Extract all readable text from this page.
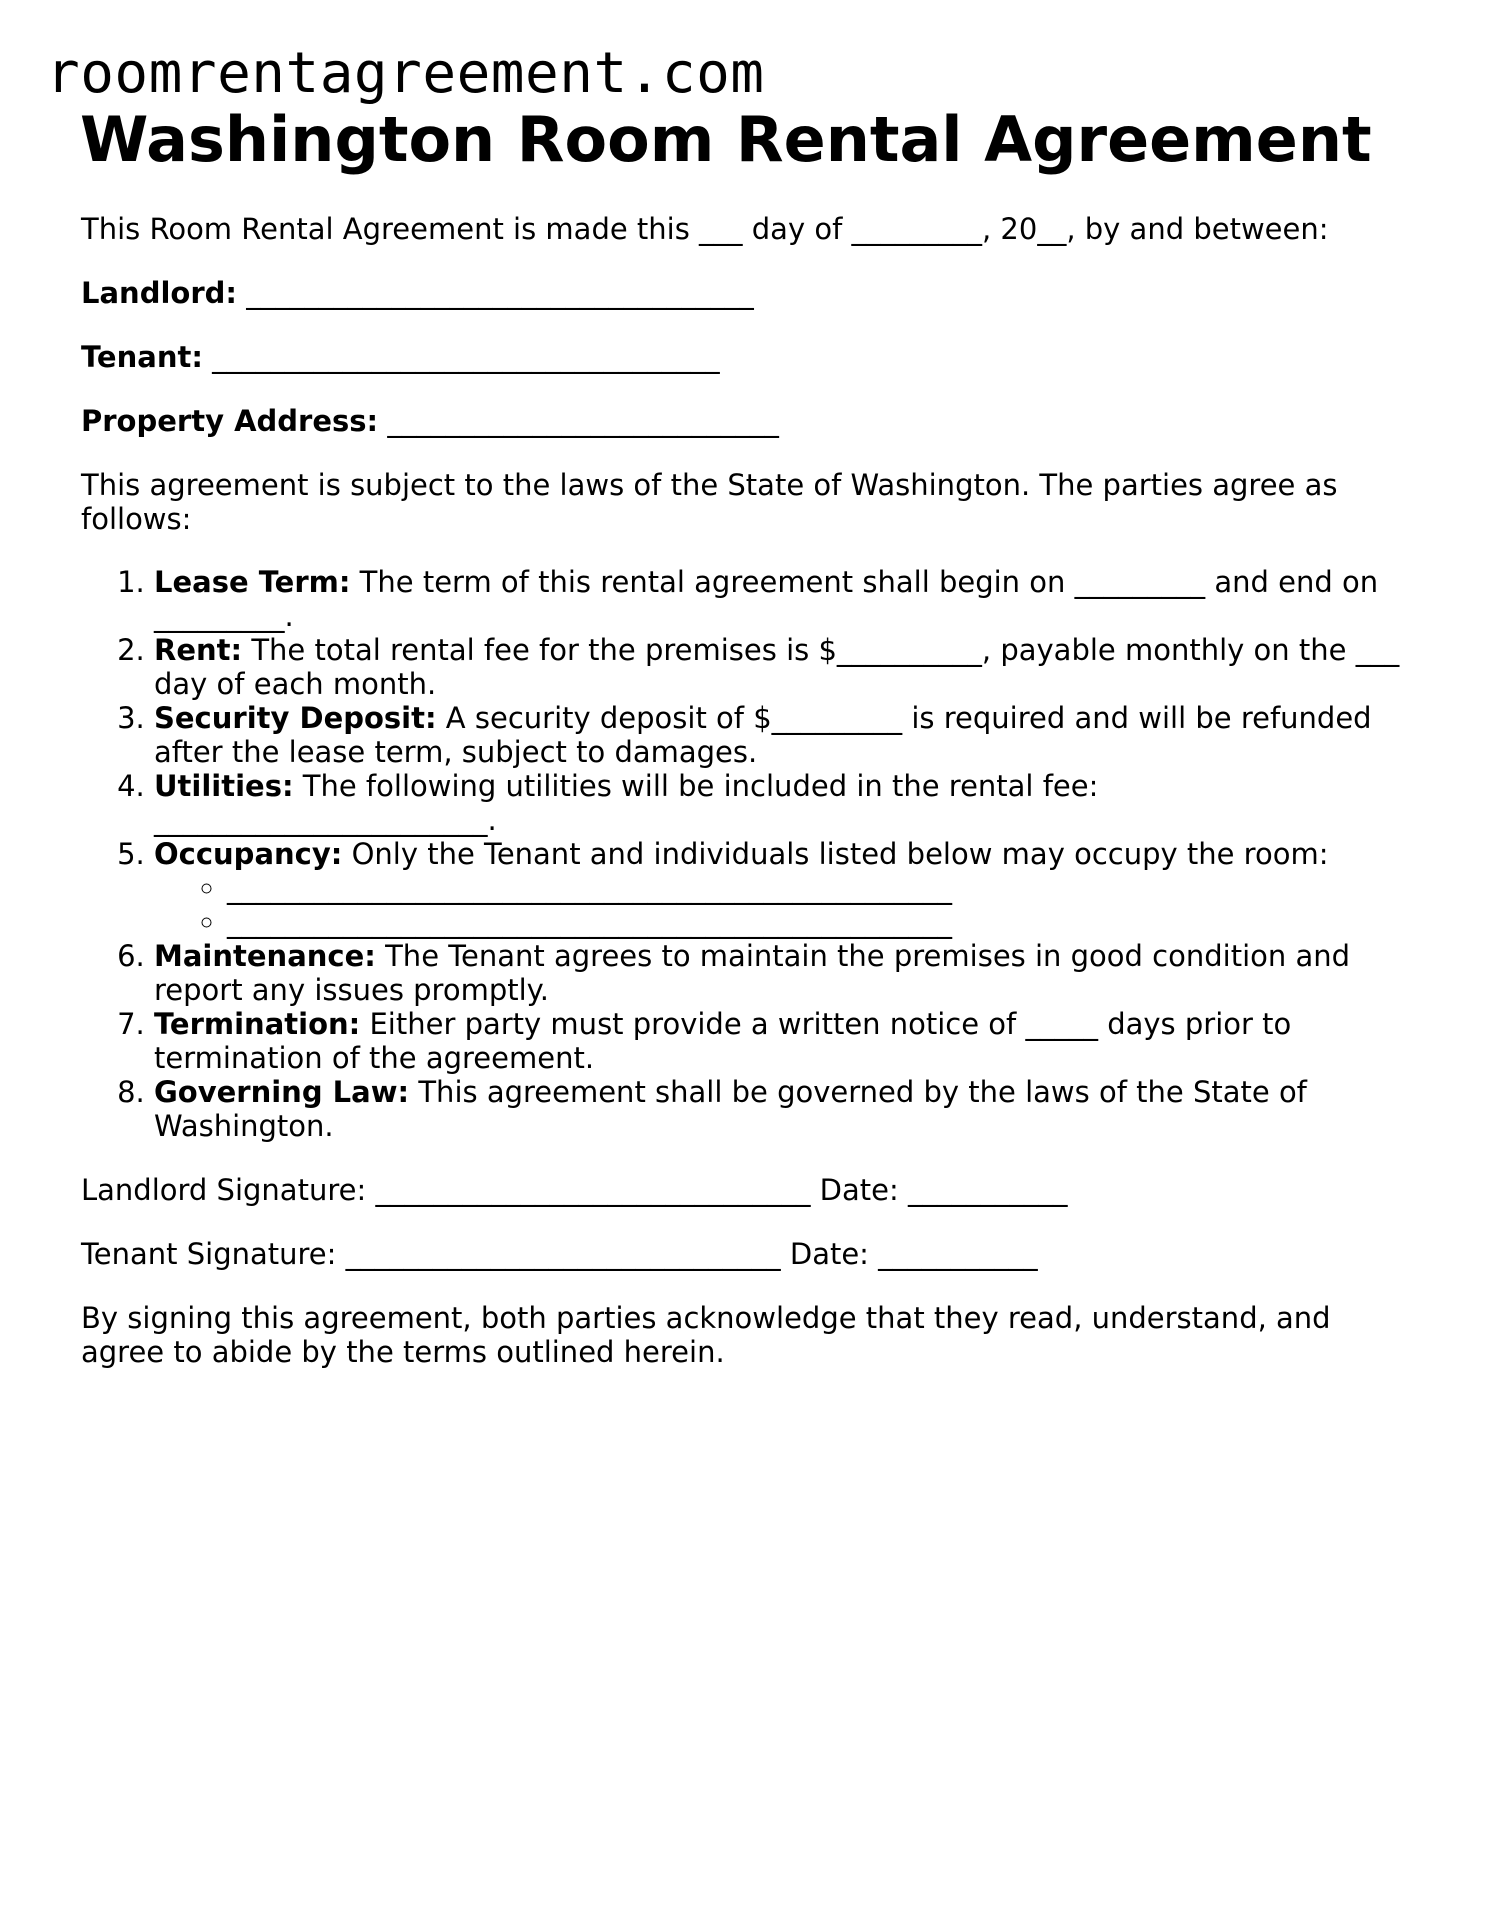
roomrentagreement.com
Washington Room Rental Agreement

This Room Rental Agreement is made this ___ day of _________, 20__, by and between:

Landlord: ___________________________________

Tenant: ___________________________________

Property Address: ___________________________

This agreement is subject to the laws of the State of Washington. The parties agree as follows:

1. Lease Term: The term of this rental agreement shall begin on _________ and end on _________.
2. Rent: The total rental fee for the premises is $__________, payable monthly on the ___ day of each month.
3. Security Deposit: A security deposit of $_________ is required and will be refunded after the lease term, subject to damages.
4. Utilities: The following utilities will be included in the rental fee: _______________________.
5. Occupancy: Only the Tenant and individuals listed below may occupy the room:
◦ __________________________________________________
◦ __________________________________________________
6. Maintenance: The Tenant agrees to maintain the premises in good condition and report any issues promptly.
7. Termination: Either party must provide a written notice of _____ days prior to termination of the agreement.
8. Governing Law: This agreement shall be governed by the laws of the State of Washington.

Landlord Signature: ______________________________ Date: ___________

Tenant Signature: ______________________________ Date: ___________

By signing this agreement, both parties acknowledge that they read, understand, and agree to abide by the terms outlined herein.
